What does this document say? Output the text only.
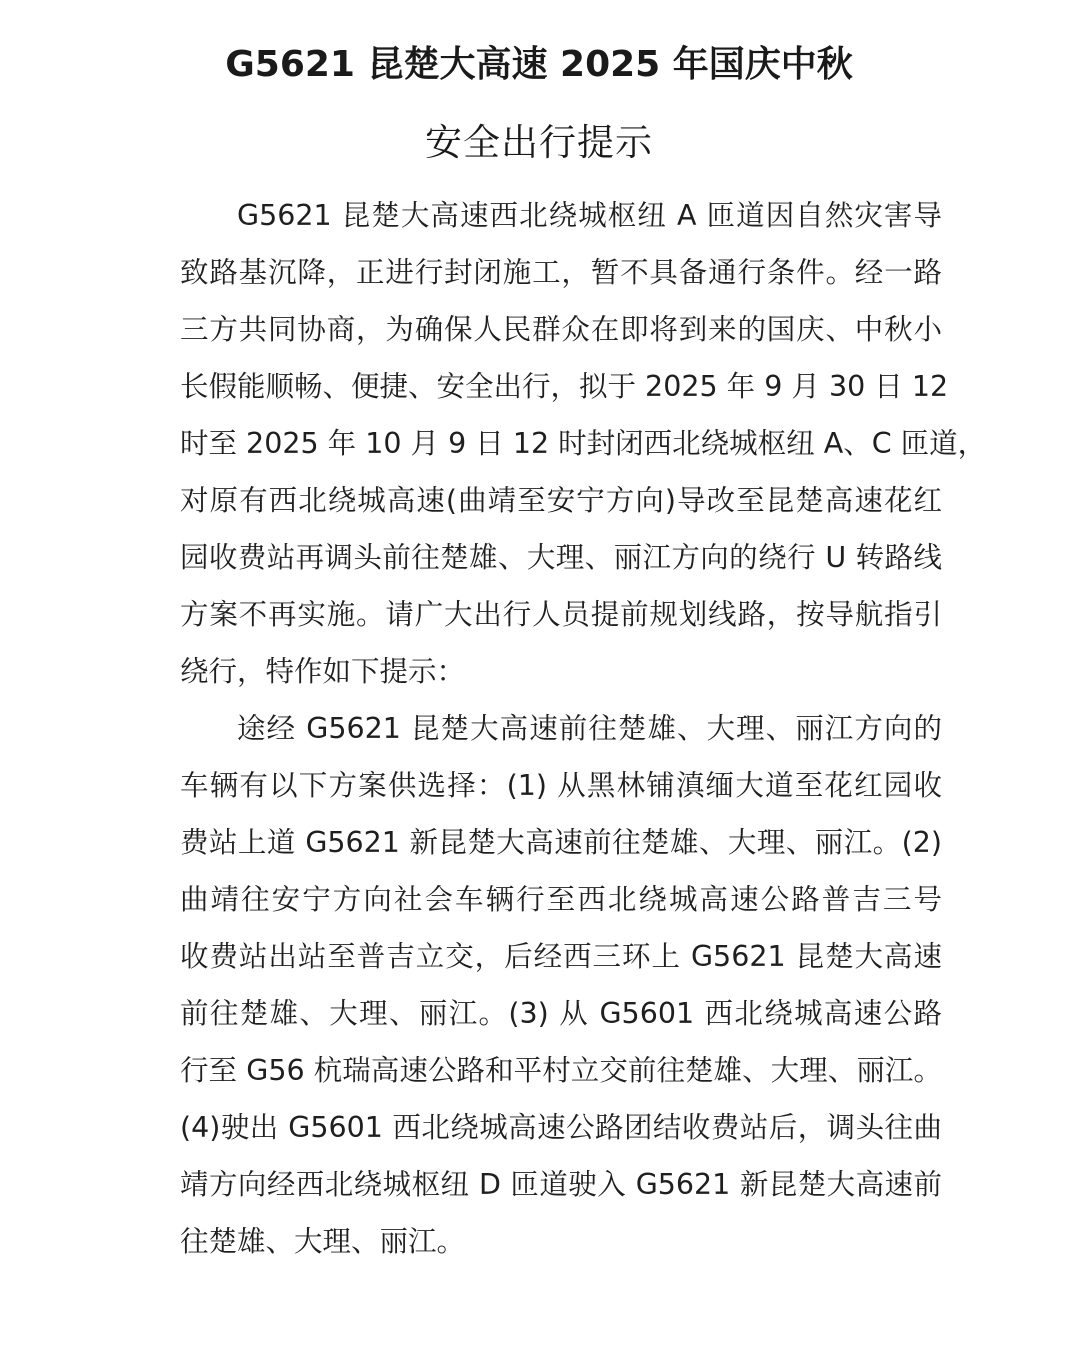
G5621 昆楚大高速 2025 年国庆中秋
安全出行提示
G5621 昆楚大高速西北绕城枢纽 A 匝道因自然灾害导
致路基沉降，正进行封闭施工，暂不具备通行条件。经一路
三方共同协商，为确保人民群众在即将到来的国庆、中秋小
长假能顺畅、便捷、安全出行，拟于 2025 年 9 月 30 日 12
时至 2025 年 10 月 9 日 12 时封闭西北绕城枢纽 A、C 匝道，
对原有西北绕城高速(曲靖至安宁方向)导改至昆楚高速花红
园收费站再调头前往楚雄、大理、丽江方向的绕行 U 转路线
方案不再实施。请广大出行人员提前规划线路，按导航指引
绕行，特作如下提示：
途经 G5621 昆楚大高速前往楚雄、大理、丽江方向的
车辆有以下方案供选择：(1) 从黑林铺滇缅大道至花红园收
费站上道 G5621 新昆楚大高速前往楚雄、大理、丽江。(2)
曲靖往安宁方向社会车辆行至西北绕城高速公路普吉三号
收费站出站至普吉立交，后经西三环上 G5621 昆楚大高速
前往楚雄、大理、丽江。(3) 从 G5601 西北绕城高速公路
行至 G56 杭瑞高速公路和平村立交前往楚雄、大理、丽江。
(4)驶出 G5601 西北绕城高速公路团结收费站后，调头往曲
靖方向经西北绕城枢纽 D 匝道驶入 G5621 新昆楚大高速前
往楚雄、大理、丽江。
